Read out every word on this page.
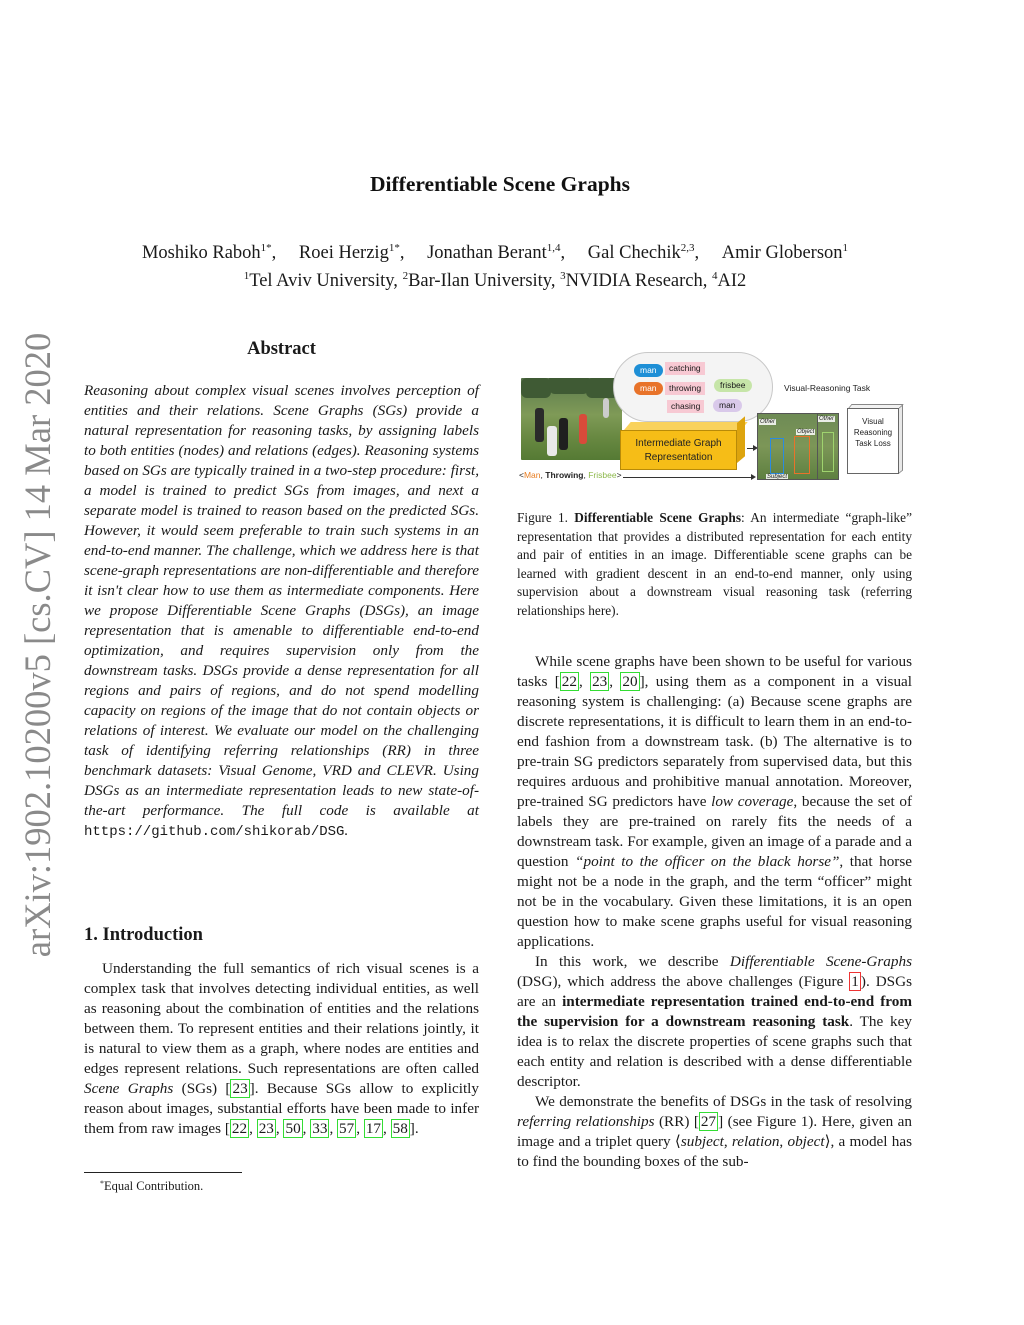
arXiv:1902.10200v5 [cs.CV] 14 Mar 2020
Differentiable Scene Graphs
Moshiko Raboh$^{1*}$, Roei Herzig$^{1*}$, Jonathan Berant$^{1,4}$, Gal Chechik$^{2,3}$, Amir Globerson$^1$
$^1$Tel Aviv University, $^2$Bar-Ilan University, $^3$NVIDIA Research, $^4$AI2
Abstract

Reasoning about complex visual scenes involves perception of entities and their relations. Scene Graphs (SGs) provide a natural representation for reasoning tasks, by assigning labels to both entities (nodes) and relations (edges). Reasoning systems based on SGs are typically trained in a two-step procedure: first, a model is trained to predict SGs from images, and next a separate model is trained to reason based on the predicted SGs. However, it would seem preferable to train such systems in an end-to-end manner. The challenge, which we address here is that scene-graph representations are non-differentiable and therefore it isn't clear how to use them as intermediate components. Here we propose Differentiable Scene Graphs (DSGs), an image representation that is amenable to differentiable end-to-end optimization, and requires supervision only from the downstream tasks. DSGs provide a dense representation for all regions and pairs of regions, and do not spend modelling capacity on regions of the image that do not contain objects or relations of interest. We evaluate our model on the challenging task of identifying referring relationships (RR) in three benchmark datasets: Visual Genome, VRD and CLEVR. Using DSGs as an intermediate representation leads to new state-of-the-art performance. The full code is available at https://github.com/shikorab/DSG.

1. Introduction

Understanding the full semantics of rich visual scenes is a complex task that involves detecting individual entities, as well as reasoning about the combination of entities and the relations between them. To represent entities and their relations jointly, it is natural to view them as a graph, where nodes are entities and edges represent relations. Such representations are often called Scene Graphs (SGs) [ 23 ]. Because SGs allow to explicitly reason about images, substantial efforts have been made to infer them from raw images [ 22 , 23 , 50 , 33 , 57 , 17 , 58 ].

*Equal Contribution.
man	catching
man	throwing	frisbee
chasing	man
Intermediate Graph Representation
Other
Object
Subject
Other
Visual-Reasoning Task
Visual Reasoning Task Loss
<Man, Throwing, Frisbee>

Figure 1. Differentiable Scene Graphs: An intermediate “graph-like” representation that provides a distributed representation for each entity and pair of entities in an image. Differentiable scene graphs can be learned with gradient descent in an end-to-end manner, only using supervision about a downstream visual reasoning task (referring relationships here).

While scene graphs have been shown to be useful for various tasks [ 22 , 23 , 20 ], using them as a component in a visual reasoning system is challenging: (a) Because scene graphs are discrete representations, it is difficult to learn them in an end-to-end fashion from a downstream task. (b) The alternative is to pre-train SG predictors separately from supervised data, but this requires arduous and prohibitive manual annotation. Moreover, pre-trained SG predictors have low coverage, because the set of labels they are pre-trained on rarely fits the needs of a downstream task. For example, given an image of a parade and a question “point to the officer on the black horse”, that horse might not be a node in the graph, and the term “officer” might not be in the vocabulary. Given these limitations, it is an open question how to make scene graphs useful for visual reasoning applications.

In this work, we describe Differentiable Scene-Graphs (DSG), which address the above challenges (Figure 1 ). DSGs are an intermediate representation trained end-to-end from the supervision for a downstream reasoning task. The key idea is to relax the discrete properties of scene graphs such that each entity and relation is described with a dense differentiable descriptor.

We demonstrate the benefits of DSGs in the task of resolving referring relationships (RR) [ 27 ] (see Figure 1). Here, given an image and a triplet query ⟨subject, relation, object⟩, a model has to find the bounding boxes of the sub-
